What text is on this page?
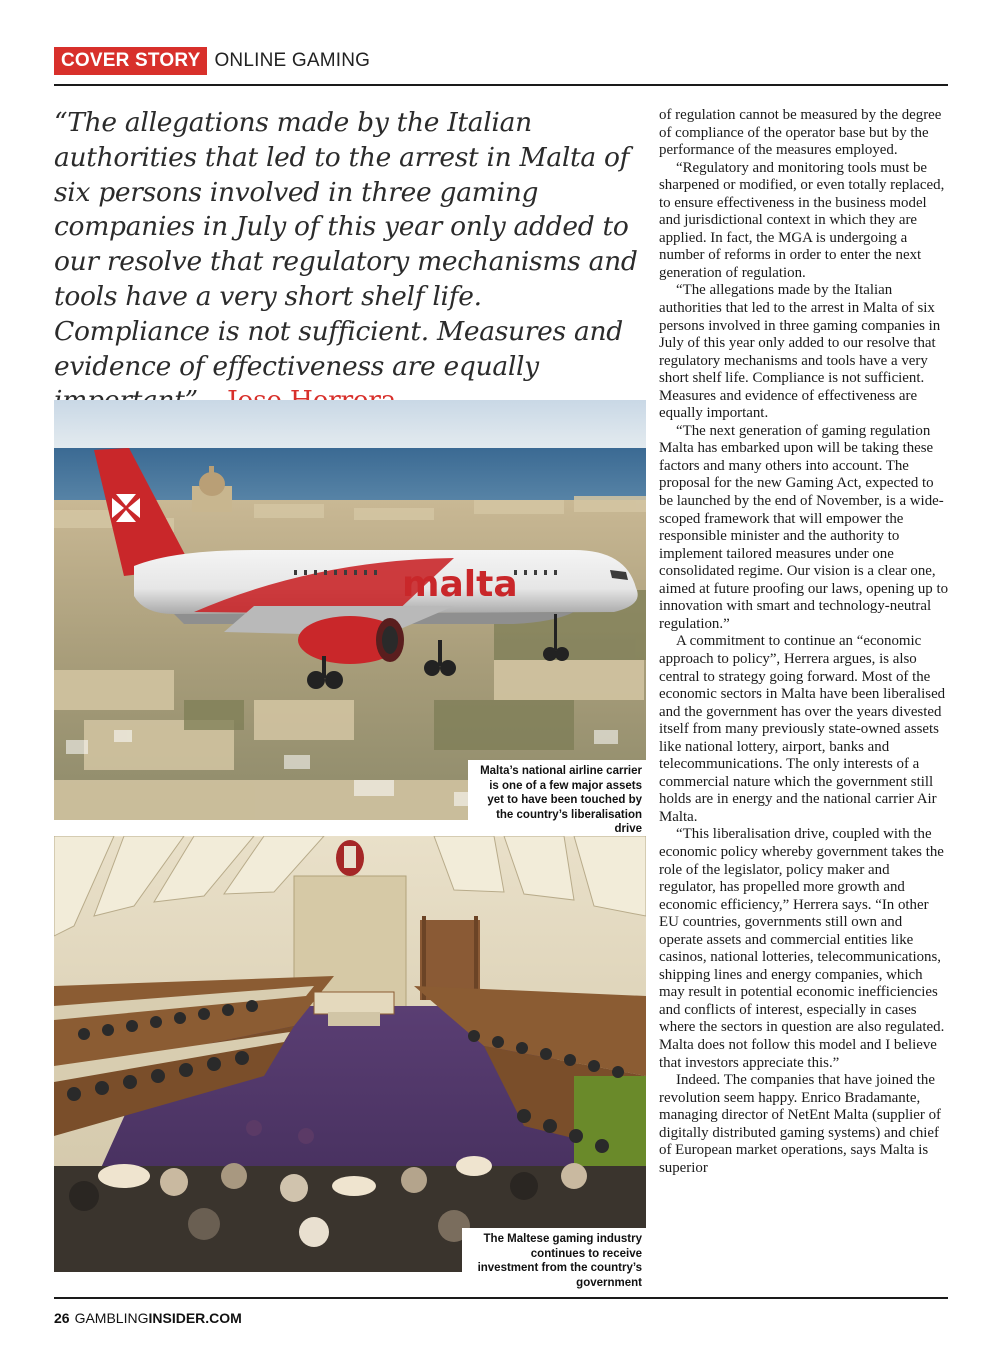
COVER STORY ONLINE GAMING
“The allegations made by the Italian authorities that led to the arrest in Malta of six persons involved in three gaming companies in July of this year only added to our resolve that regulatory mechanisms and tools have a very short shelf life. Compliance is not sufficient. Measures and evidence of effectiveness are equally
malta
Malta’s national airline carrier is one of a few major assets yet to have been touched by the country’s liberalisation drive
The Maltese gaming industry continues to receive investment from the country’s government

of regulation cannot be measured by the degree of compliance of the operator base but by the performance of the measures employed.

“Regulatory and monitoring tools must be sharpened or modified, or even totally replaced, to ensure effectiveness in the business model and jurisdictional context in which they are applied. In fact, the MGA is undergoing a number of reforms in order to enter the next generation of regulation.

“The allegations made by the Italian authorities that led to the arrest in Malta of six persons involved in three gaming companies in July of this year only added to our resolve that regulatory mechanisms and tools have a very short shelf life. Compliance is not sufficient. Measures and evidence of effectiveness are equally important.

“The next generation of gaming regulation Malta has embarked upon will be taking these factors and many others into account. The proposal for the new Gaming Act, expected to be launched by the end of November, is a wide-scoped framework that will empower the responsible minister and the authority to implement tailored measures under one consolidated regime. Our vision is a clear one, aimed at future proofing our laws, opening up to innovation with smart and technology-neutral regulation.”

A commitment to continue an “economic approach to policy”, Herrera argues, is also central to strategy going forward. Most of the economic sectors in Malta have been liberalised and the government has over the years divested itself from many previously state-owned assets like national lottery, airport, banks and telecommunications. The only interests of a commercial nature which the government still holds are in energy and the national carrier Air Malta.

“This liberalisation drive, coupled with the economic policy whereby government takes the role of the legislator, policy maker and regulator, has propelled more growth and economic efficiency,” Herrera says. “In other EU countries, governments still own and operate assets and commercial entities like casinos, national lotteries, telecommunications, shipping lines and energy companies, which may result in potential economic inefficiencies and conflicts of interest, especially in cases where the sectors in question are also regulated. Malta does not follow this model and I believe that investors appreciate this.”

Indeed. The companies that have joined the revolution seem happy. Enrico Bradamante, managing director of NetEnt Malta (supplier of digitally distributed gaming systems) and chief of European market operations, says Malta is superior

26 GAMBLINGINSIDER.COM
